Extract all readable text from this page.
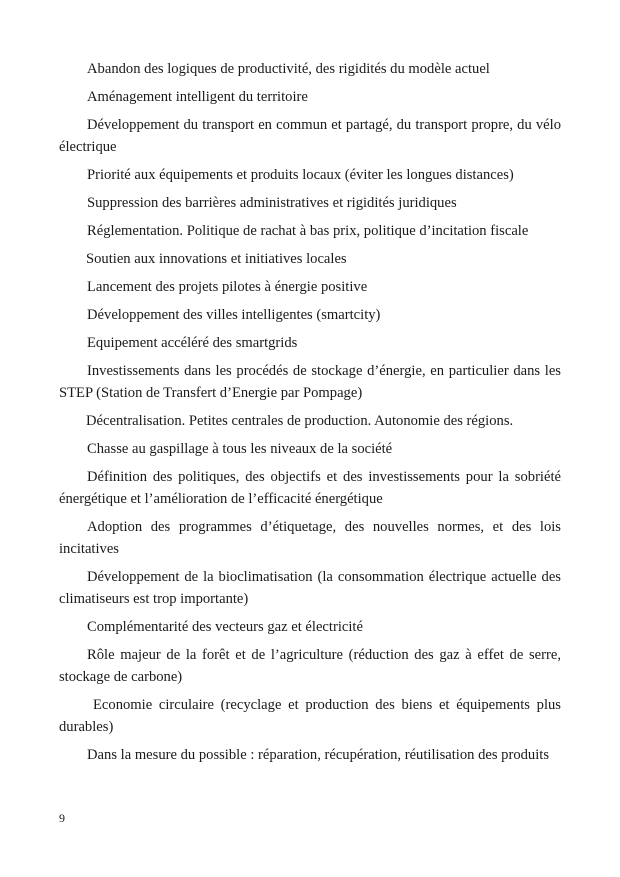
Abandon des logiques de productivité, des rigidités du modèle actuel

Aménagement intelligent du territoire

Développement du transport en commun et partagé, du transport propre, du vélo électrique

Priorité aux équipements et produits locaux (éviter les longues distances)

Suppression des barrières administratives et rigidités juridiques

Réglementation. Politique de rachat à bas prix, politique d’incitation fiscale

Soutien aux innovations et initiatives locales

Lancement des projets pilotes à énergie positive

Développement des villes intelligentes (smartcity)

Equipement accéléré des smartgrids

Investissements dans les procédés de stockage d’énergie, en particulier dans les STEP (Station de Transfert d’Energie par Pompage)

Décentralisation. Petites centrales de production. Autonomie des régions.

Chasse au gaspillage à tous les niveaux de la société

Définition des politiques, des objectifs et des investissements pour la sobriété énergétique et l’amélioration de l’efficacité énergétique

Adoption des programmes d’étiquetage, des nouvelles normes, et des lois incitatives

Développement de la bioclimatisation (la consommation électrique actuelle des climatiseurs est trop importante)

Complémentarité des vecteurs gaz et électricité

Rôle majeur de la forêt et de l’agriculture (réduction des gaz à effet de serre, stockage de carbone)

Economie circulaire (recyclage et production des biens et équipements plus durables)

Dans la mesure du possible : réparation, récupération, réutilisation des produits

9
